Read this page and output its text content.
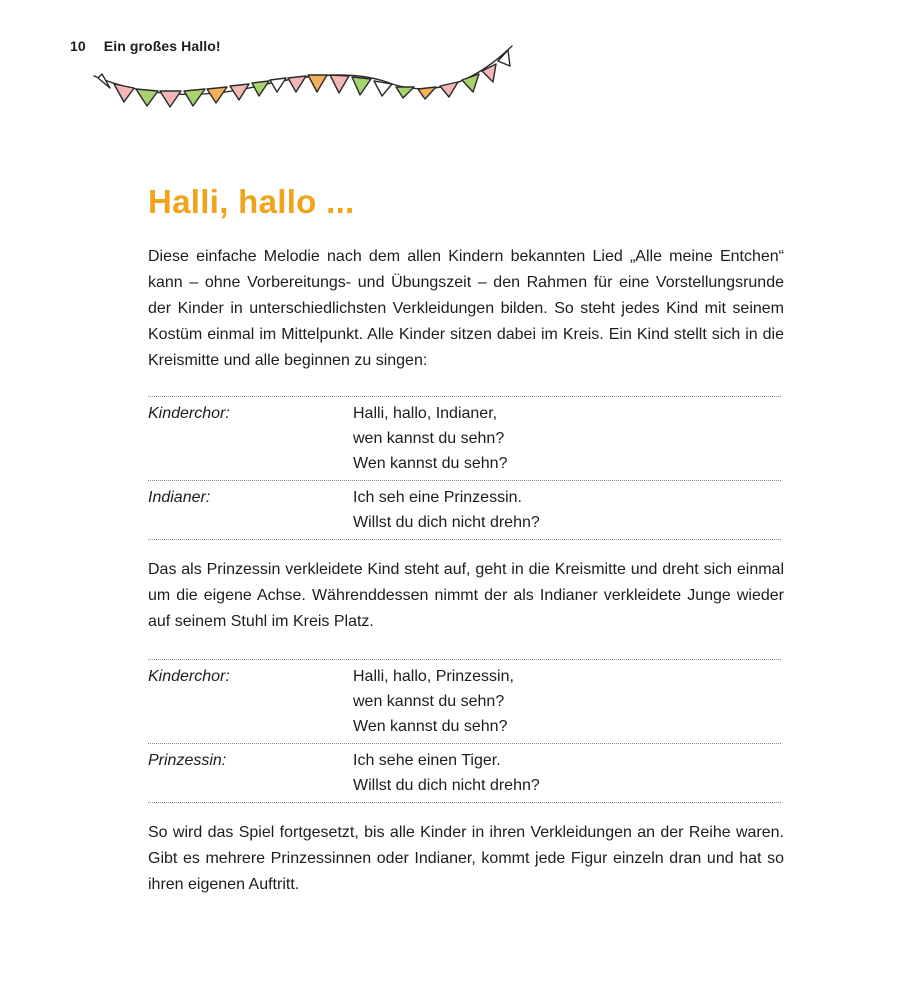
10 Ein großes Hallo!
Halli, hallo ...

Diese einfache Melodie nach dem allen Kindern bekannten Lied „Alle meine Entchen“ kann – ohne Vorbereitungs- und Übungszeit – den Rahmen für eine Vorstellungsrunde der Kinder in unterschiedlichsten Verkleidungen bilden. So steht jedes Kind mit seinem Kostüm einmal im Mittelpunkt. Alle Kinder sitzen dabei im Kreis. Ein Kind stellt sich in die Kreismitte und alle beginnen zu singen:

Kinderchor:	Halli, hallo, Indianer,
wen kannst du sehn?
Wen kannst du sehn?
Indianer:	Ich seh eine Prinzessin.
Willst du dich nicht drehn?

Das als Prinzessin verkleidete Kind steht auf, geht in die Kreismitte und dreht sich einmal um die eigene Achse. Währenddessen nimmt der als Indianer verkleidete Junge wieder auf seinem Stuhl im Kreis Platz.

Kinderchor:	Halli, hallo, Prinzessin,
wen kannst du sehn?
Wen kannst du sehn?
Prinzessin:	Ich sehe einen Tiger.
Willst du dich nicht drehn?

So wird das Spiel fortgesetzt, bis alle Kinder in ihren Verkleidungen an der Reihe waren. Gibt es mehrere Prinzessinnen oder Indianer, kommt jede Figur einzeln dran und hat so ihren eigenen Auftritt.
